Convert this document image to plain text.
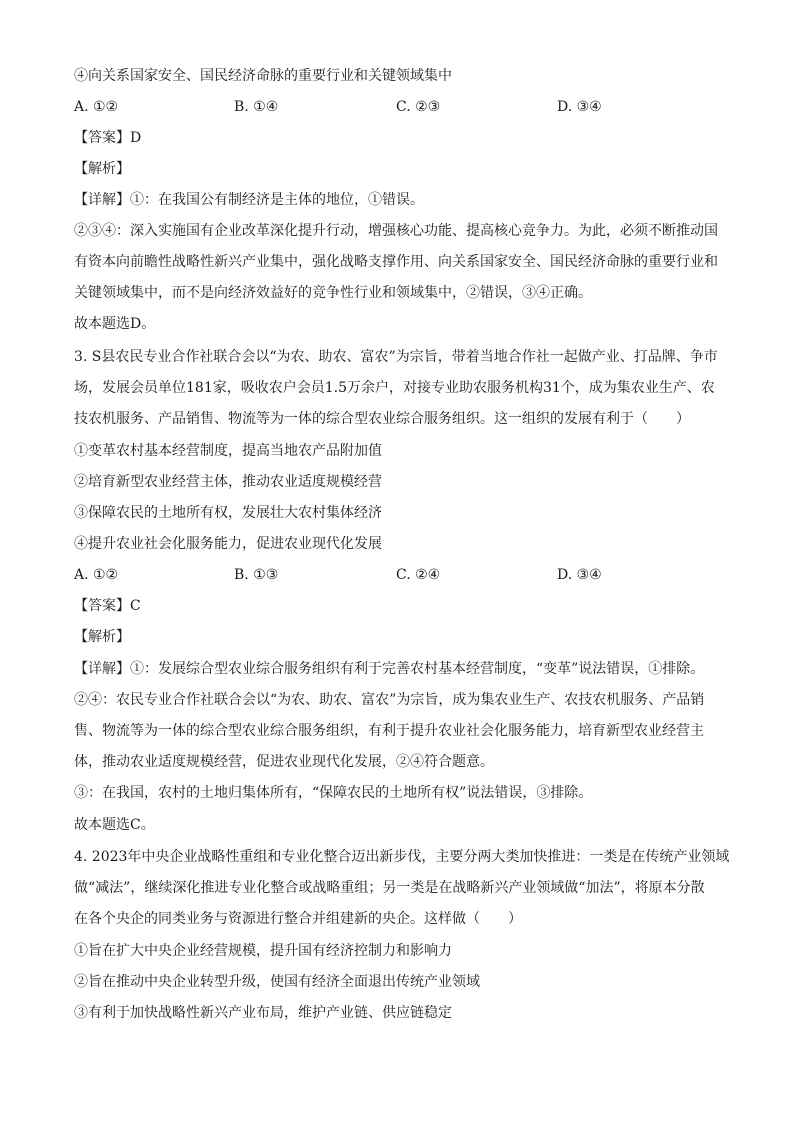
④向关系国家安全、国民经济命脉的重要行业和关键领域集中
A. ①②	B. ①④	C. ②③	D. ③④
【答案】D
【解析】
【详解】①：在我国公有制经济是主体的地位，①错误。
②③④：深入实施国有企业改革深化提升行动，增强核心功能、提高核心竞争力。为此，必须不断推动国
有资本向前瞻性战略性新兴产业集中，强化战略支撑作用、向关系国家安全、国民经济命脉的重要行业和
关键领域集中，而不是向经济效益好的竞争性行业和领域集中，②错误，③④正确。
故本题选D。
3. S县农民专业合作社联合会以“为农、助农、富农”为宗旨，带着当地合作社一起做产业、打品牌、争市
场，发展会员单位181家，吸收农户会员1.5万余户，对接专业助农服务机构31个，成为集农业生产、农
技农机服务、产品销售、物流等为一体的综合型农业综合服务组织。这一组织的发展有利于（　　）
①变革农村基本经营制度，提高当地农产品附加值
②培育新型农业经营主体，推动农业适度规模经营
③保障农民的土地所有权，发展壮大农村集体经济
④提升农业社会化服务能力，促进农业现代化发展
A. ①②	B. ①③	C. ②④	D. ③④
【答案】C
【解析】
【详解】①：发展综合型农业综合服务组织有利于完善农村基本经营制度，“变革”说法错误，①排除。
②④：农民专业合作社联合会以“为农、助农、富农”为宗旨，成为集农业生产、农技农机服务、产品销
售、物流等为一体的综合型农业综合服务组织，有利于提升农业社会化服务能力，培育新型农业经营主
体，推动农业适度规模经营，促进农业现代化发展，②④符合题意。
③：在我国，农村的土地归集体所有，“保障农民的土地所有权”说法错误，③排除。
故本题选C。
4. 2023年中央企业战略性重组和专业化整合迈出新步伐，主要分两大类加快推进：一类是在传统产业领域
做“减法”，继续深化推进专业化整合或战略重组；另一类是在战略新兴产业领域做“加法”，将原本分散
在各个央企的同类业务与资源进行整合并组建新的央企。这样做（　　）
①旨在扩大中央企业经营规模，提升国有经济控制力和影响力
②旨在推动中央企业转型升级，使国有经济全面退出传统产业领域
③有利于加快战略性新兴产业布局，维护产业链、供应链稳定
